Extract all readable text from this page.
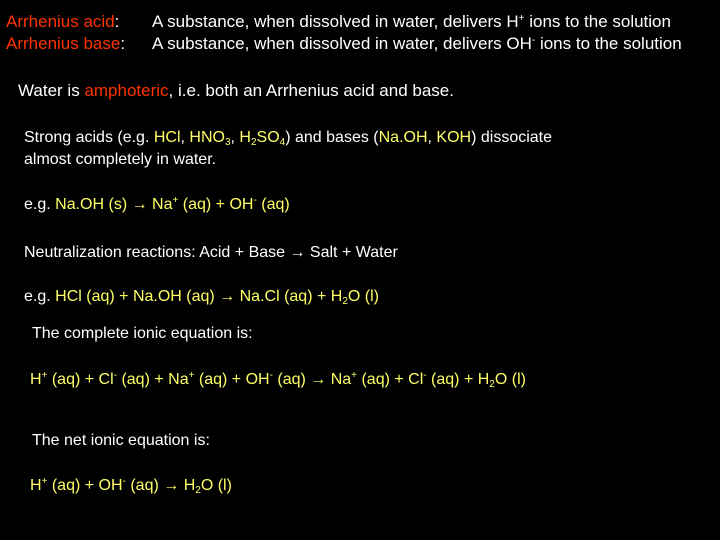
Arrhenius acid: A substance, when dissolved in water, delivers H+ ions to the solution
Arrhenius base: A substance, when dissolved in water, delivers OH- ions to the solution
Water is amphoteric, i.e. both an Arrhenius acid and base.
Strong acids (e.g. HCl, $HNO_3$, $H_2SO_4$) and bases (Na.OH, KOH) dissociate
almost completely in water.
e.g. Na.OH (s) → Na+ (aq) + OH- (aq)
Neutralization reactions: Acid + Base → Salt + Water
e.g. HCl (aq) + Na.OH (aq) → Na.Cl $(aq) + H_2O$ (l)
The complete ionic equation is:
H+ (aq) + Cl- (aq) + Na+ (aq) + OH- (aq) → Na+ (aq) + Cl- $(aq) + H_2O$ (l)
The net ionic equation is:
H+ (aq) + OH- $(aq) \to H_2O$ (l)
